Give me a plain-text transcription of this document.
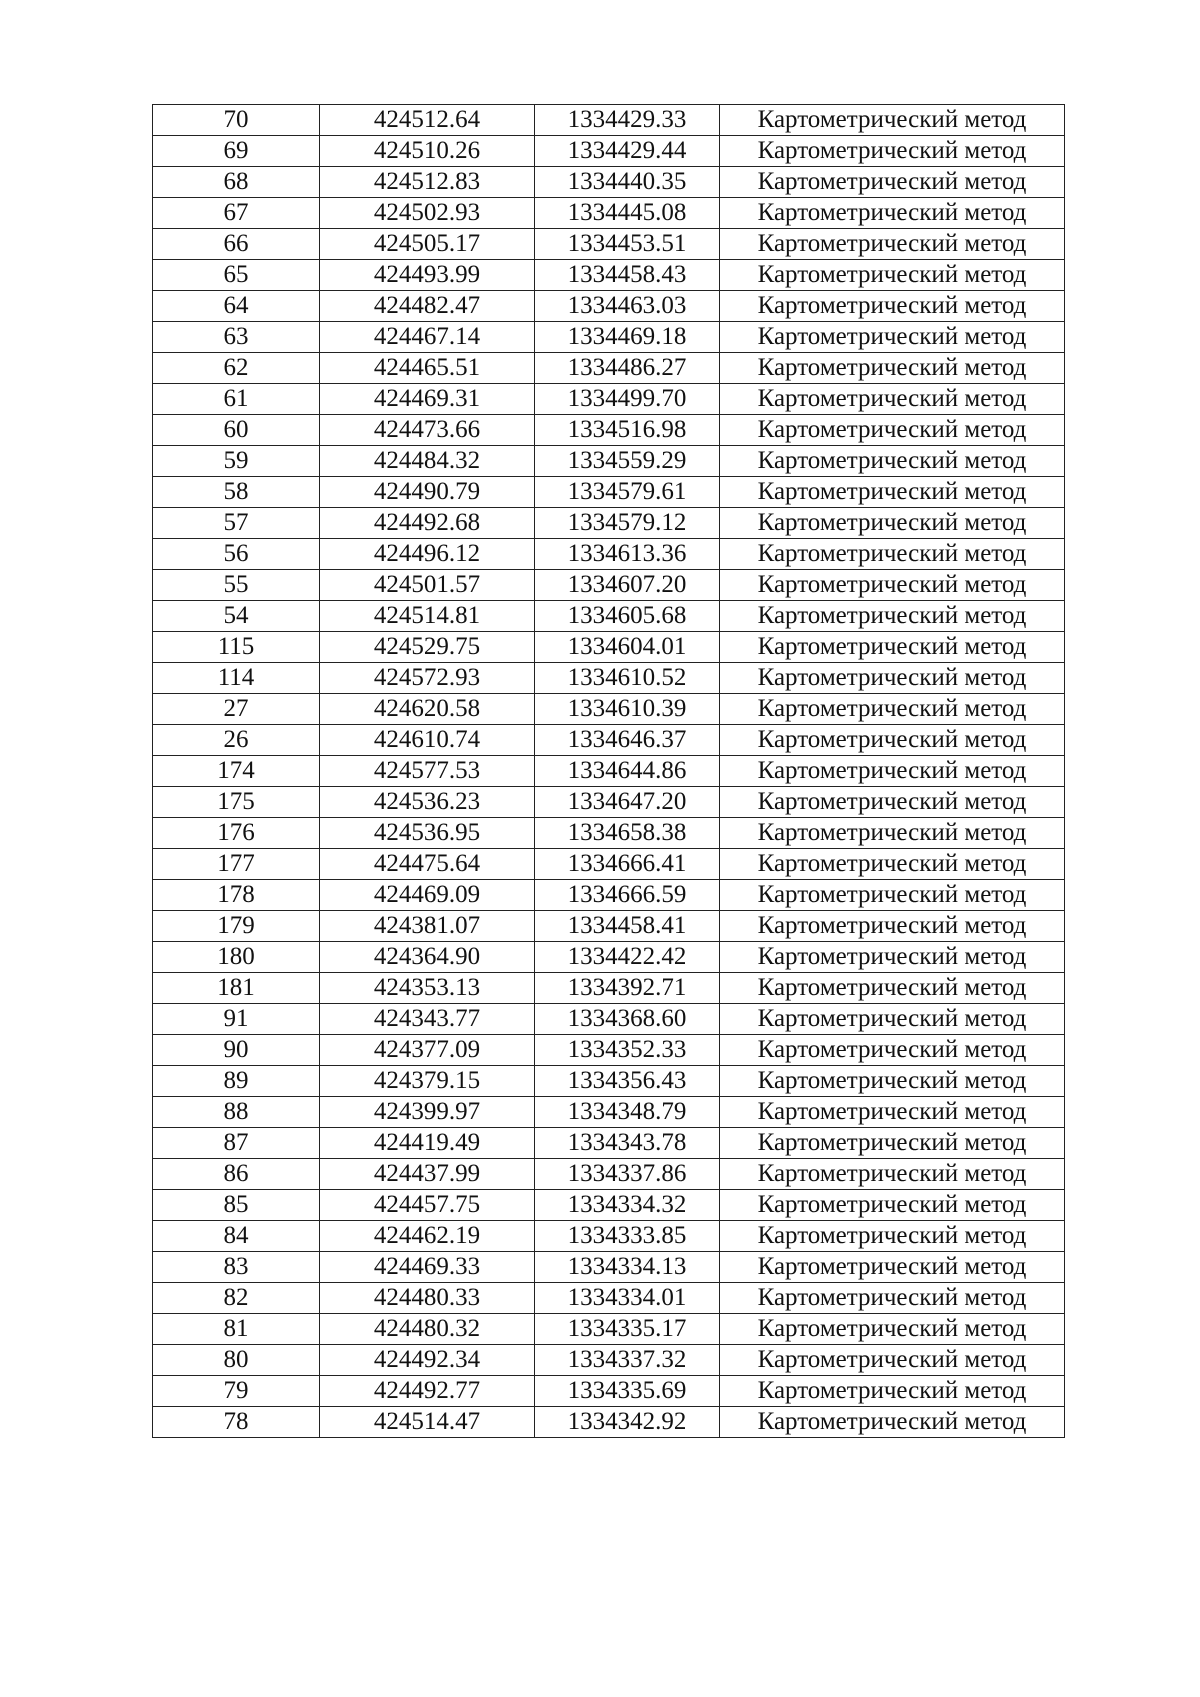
70	424512.64	1334429.33	Картометрический метод
69	424510.26	1334429.44	Картометрический метод
68	424512.83	1334440.35	Картометрический метод
67	424502.93	1334445.08	Картометрический метод
66	424505.17	1334453.51	Картометрический метод
65	424493.99	1334458.43	Картометрический метод
64	424482.47	1334463.03	Картометрический метод
63	424467.14	1334469.18	Картометрический метод
62	424465.51	1334486.27	Картометрический метод
61	424469.31	1334499.70	Картометрический метод
60	424473.66	1334516.98	Картометрический метод
59	424484.32	1334559.29	Картометрический метод
58	424490.79	1334579.61	Картометрический метод
57	424492.68	1334579.12	Картометрический метод
56	424496.12	1334613.36	Картометрический метод
55	424501.57	1334607.20	Картометрический метод
54	424514.81	1334605.68	Картометрический метод
115	424529.75	1334604.01	Картометрический метод
114	424572.93	1334610.52	Картометрический метод
27	424620.58	1334610.39	Картометрический метод
26	424610.74	1334646.37	Картометрический метод
174	424577.53	1334644.86	Картометрический метод
175	424536.23	1334647.20	Картометрический метод
176	424536.95	1334658.38	Картометрический метод
177	424475.64	1334666.41	Картометрический метод
178	424469.09	1334666.59	Картометрический метод
179	424381.07	1334458.41	Картометрический метод
180	424364.90	1334422.42	Картометрический метод
181	424353.13	1334392.71	Картометрический метод
91	424343.77	1334368.60	Картометрический метод
90	424377.09	1334352.33	Картометрический метод
89	424379.15	1334356.43	Картометрический метод
88	424399.97	1334348.79	Картометрический метод
87	424419.49	1334343.78	Картометрический метод
86	424437.99	1334337.86	Картометрический метод
85	424457.75	1334334.32	Картометрический метод
84	424462.19	1334333.85	Картометрический метод
83	424469.33	1334334.13	Картометрический метод
82	424480.33	1334334.01	Картометрический метод
81	424480.32	1334335.17	Картометрический метод
80	424492.34	1334337.32	Картометрический метод
79	424492.77	1334335.69	Картометрический метод
78	424514.47	1334342.92	Картометрический метод
